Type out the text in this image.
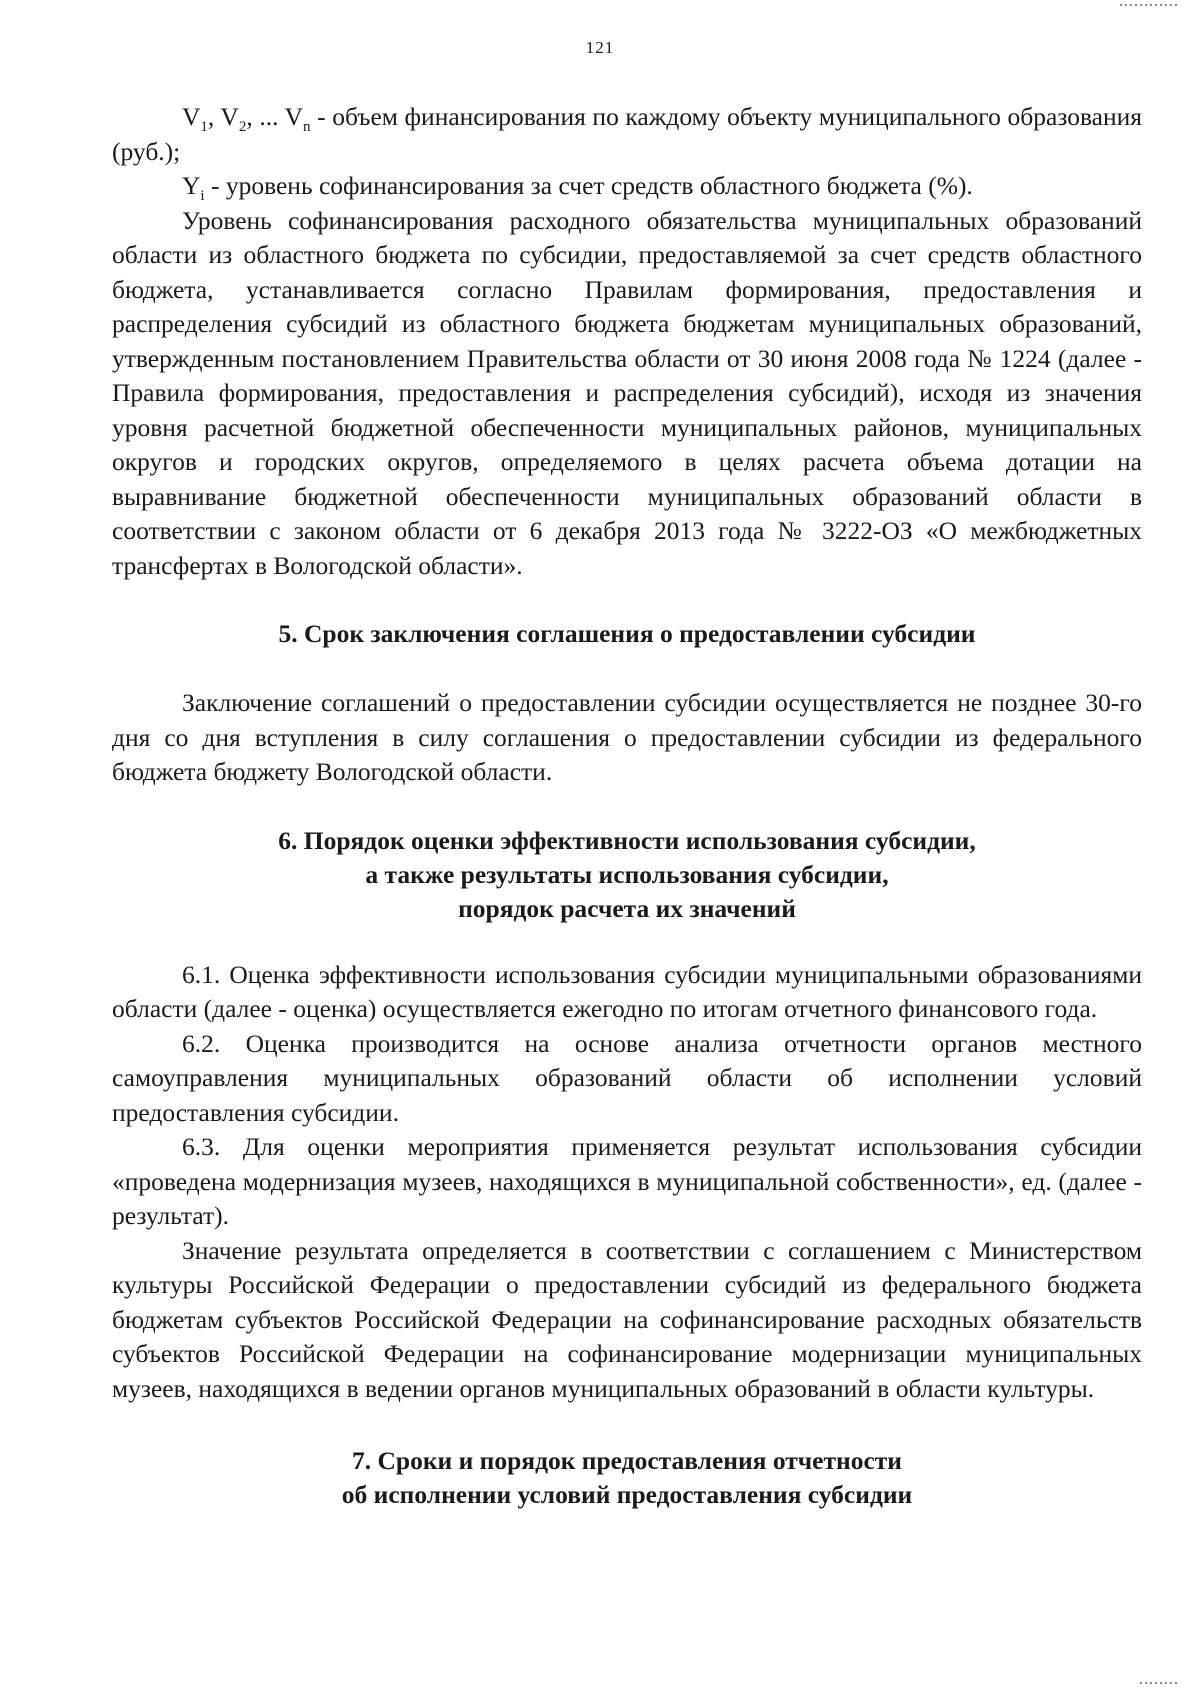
121

$V_1$, $V_2$, ... $V_n$ - объем финансирования по каждому объекту муниципального образования (руб.);

$Y_i$ - уровень софинансирования за счет средств областного бюджета (%).

Уровень софинансирования расходного обязательства муниципальных образований области из областного бюджета по субсидии, предоставляемой за счет средств областного бюджета, устанавливается согласно Правилам формирования, предоставления и распределения субсидий из областного бюджета бюджетам муниципальных образований, утвержденным постановлением Правительства области от 30 июня 2008 года № 1224 (далее - Правила формирования, предоставления и распределения субсидий), исходя из значения уровня расчетной бюджетной обеспеченности муниципальных районов, муниципальных округов и городских округов, определяемого в целях расчета объема дотации на выравнивание бюджетной обеспеченности муниципальных образований области в соответствии с законом области от 6 декабря 2013 года № 3222-ОЗ «О межбюджетных трансфертах в Вологодской области».

5. Срок заключения соглашения о предоставлении субсидии

Заключение соглашений о предоставлении субсидии осуществляется не позднее 30-го дня со дня вступления в силу соглашения о предоставлении субсидии из федерального бюджета бюджету Вологодской области.

6. Порядок оценки эффективности использования субсидии,
а также результаты использования субсидии,
порядок расчета их значений

6.1. Оценка эффективности использования субсидии муниципальными образованиями области (далее - оценка) осуществляется ежегодно по итогам отчетного финансового года.

6.2. Оценка производится на основе анализа отчетности органов местного самоуправления муниципальных образований области об исполнении условий предоставления субсидии.

6.3. Для оценки мероприятия применяется результат использования субсидии «проведена модернизация музеев, находящихся в муниципальной собственности», ед. (далее - результат).

Значение результата определяется в соответствии с соглашением с Министерством культуры Российской Федерации о предоставлении субсидий из федерального бюджета бюджетам субъектов Российской Федерации на софинансирование расходных обязательств субъектов Российской Федерации на софинансирование модернизации муниципальных музеев, находящихся в ведении органов муниципальных образований в области культуры.

7. Сроки и порядок предоставления отчетности
об исполнении условий предоставления субсидии
